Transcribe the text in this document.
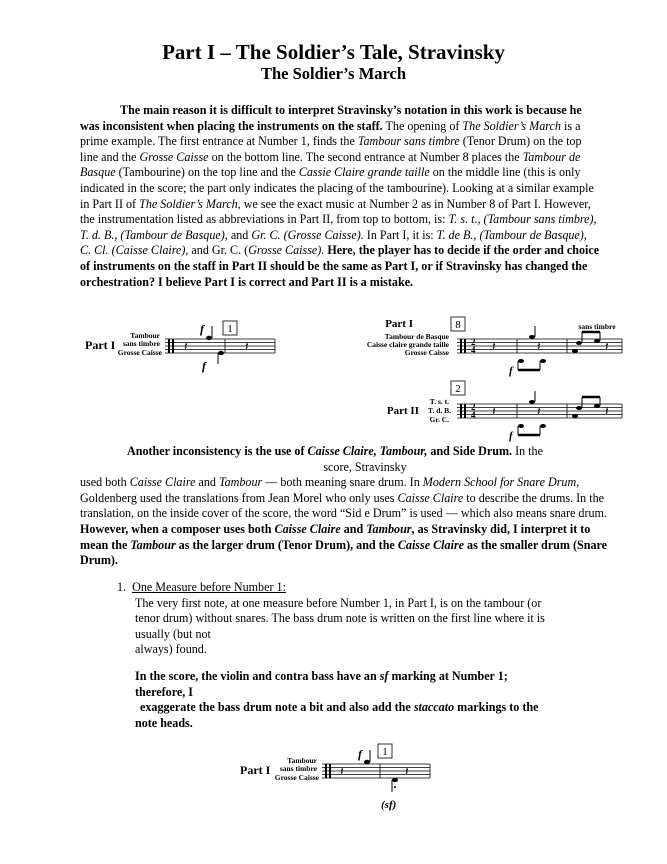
Part I – The Soldier’s Tale, Stravinsky
The Soldier’s March
The main reason it is difficult to interpret Stravinsky’s notation in this work is because he was inconsistent when placing the instruments on the staff. The opening of The Soldier’s March is a prime example. The first entrance at Number 1, finds the Tambour sans timbre (Tenor Drum) on the top line and the Grosse Caisse on the bottom line. The second entrance at Number 8 places the Tambour de Basque (Tambourine) on the top line and the Cassie Claire grande taille on the middle line (this is only indicated in the score; the part only indicates the placing of the tambourine). Looking at a similar example in Part II of The Soldier’s March, we see the exact music at Number 2 as in Number 8 of Part I. However, the instrumentation listed as abbreviations in Part II, from top to bottom, is: T. s. t., (Tambour sans timbre), T. d. B., (Tambour de Basque), and Gr. C. (Grosse Caisse). In Part I, it is: T. de B., (Tambour de Basque), C. Cl. (Caisse Claire), and Gr. C. (Grosse Caisse). Here, the player has to decide if the order and choice of instruments on the staff in Part II should be the same as Part I, or if Stravinsky has changed the orchestration? I believe Part I is correct and Part II is a mistake.
Part I
Tambour
sans timbre
Grosse Caisse 𝄽
f
f
1
𝄽
Part I	8	sans timbre
Tambour de Basque
Caisse claire grande taille
Grosse Caisse
2
4 𝄽	𝄽
f
𝄽
2
T. s. t.
Part II T. d. B.
Gr. C.
2
4 𝄽	𝄽
f
𝄽
Another inconsistency is the use of Caisse Claire, Tambour, and Side Drum. In the
score, Stravinsky
used both Caisse Claire and Tambour — both meaning snare drum. In Modern School for Snare Drum, Goldenberg used the translations from Jean Morel who only uses Caisse Claire to describe the drums. In the translation, on the inside cover of the score, the word “Sid e Drum” is used — which also means snare drum. However, when a composer uses both Caisse Claire and Tambour, as Stravinsky did, I interpret it to mean the Tambour as the larger drum (Tenor Drum), and the Caisse Claire as the smaller drum (Snare Drum).
1. One Measure before Number 1:
The very first note, at one measure before Number 1, in Part I, is on the tambour (or
tenor drum) without snares. The bass drum note is written on the first line where it is
usually (but not
always) found.
In the score, the violin and contra bass have an sf marking at Number 1;
therefore, I
exaggerate the bass drum note a bit and also add the staccato markings to the
note heads.
Part I
Tambour
sans timbre
Grosse Caisse 𝄽
f
(sf)
1
𝄽
